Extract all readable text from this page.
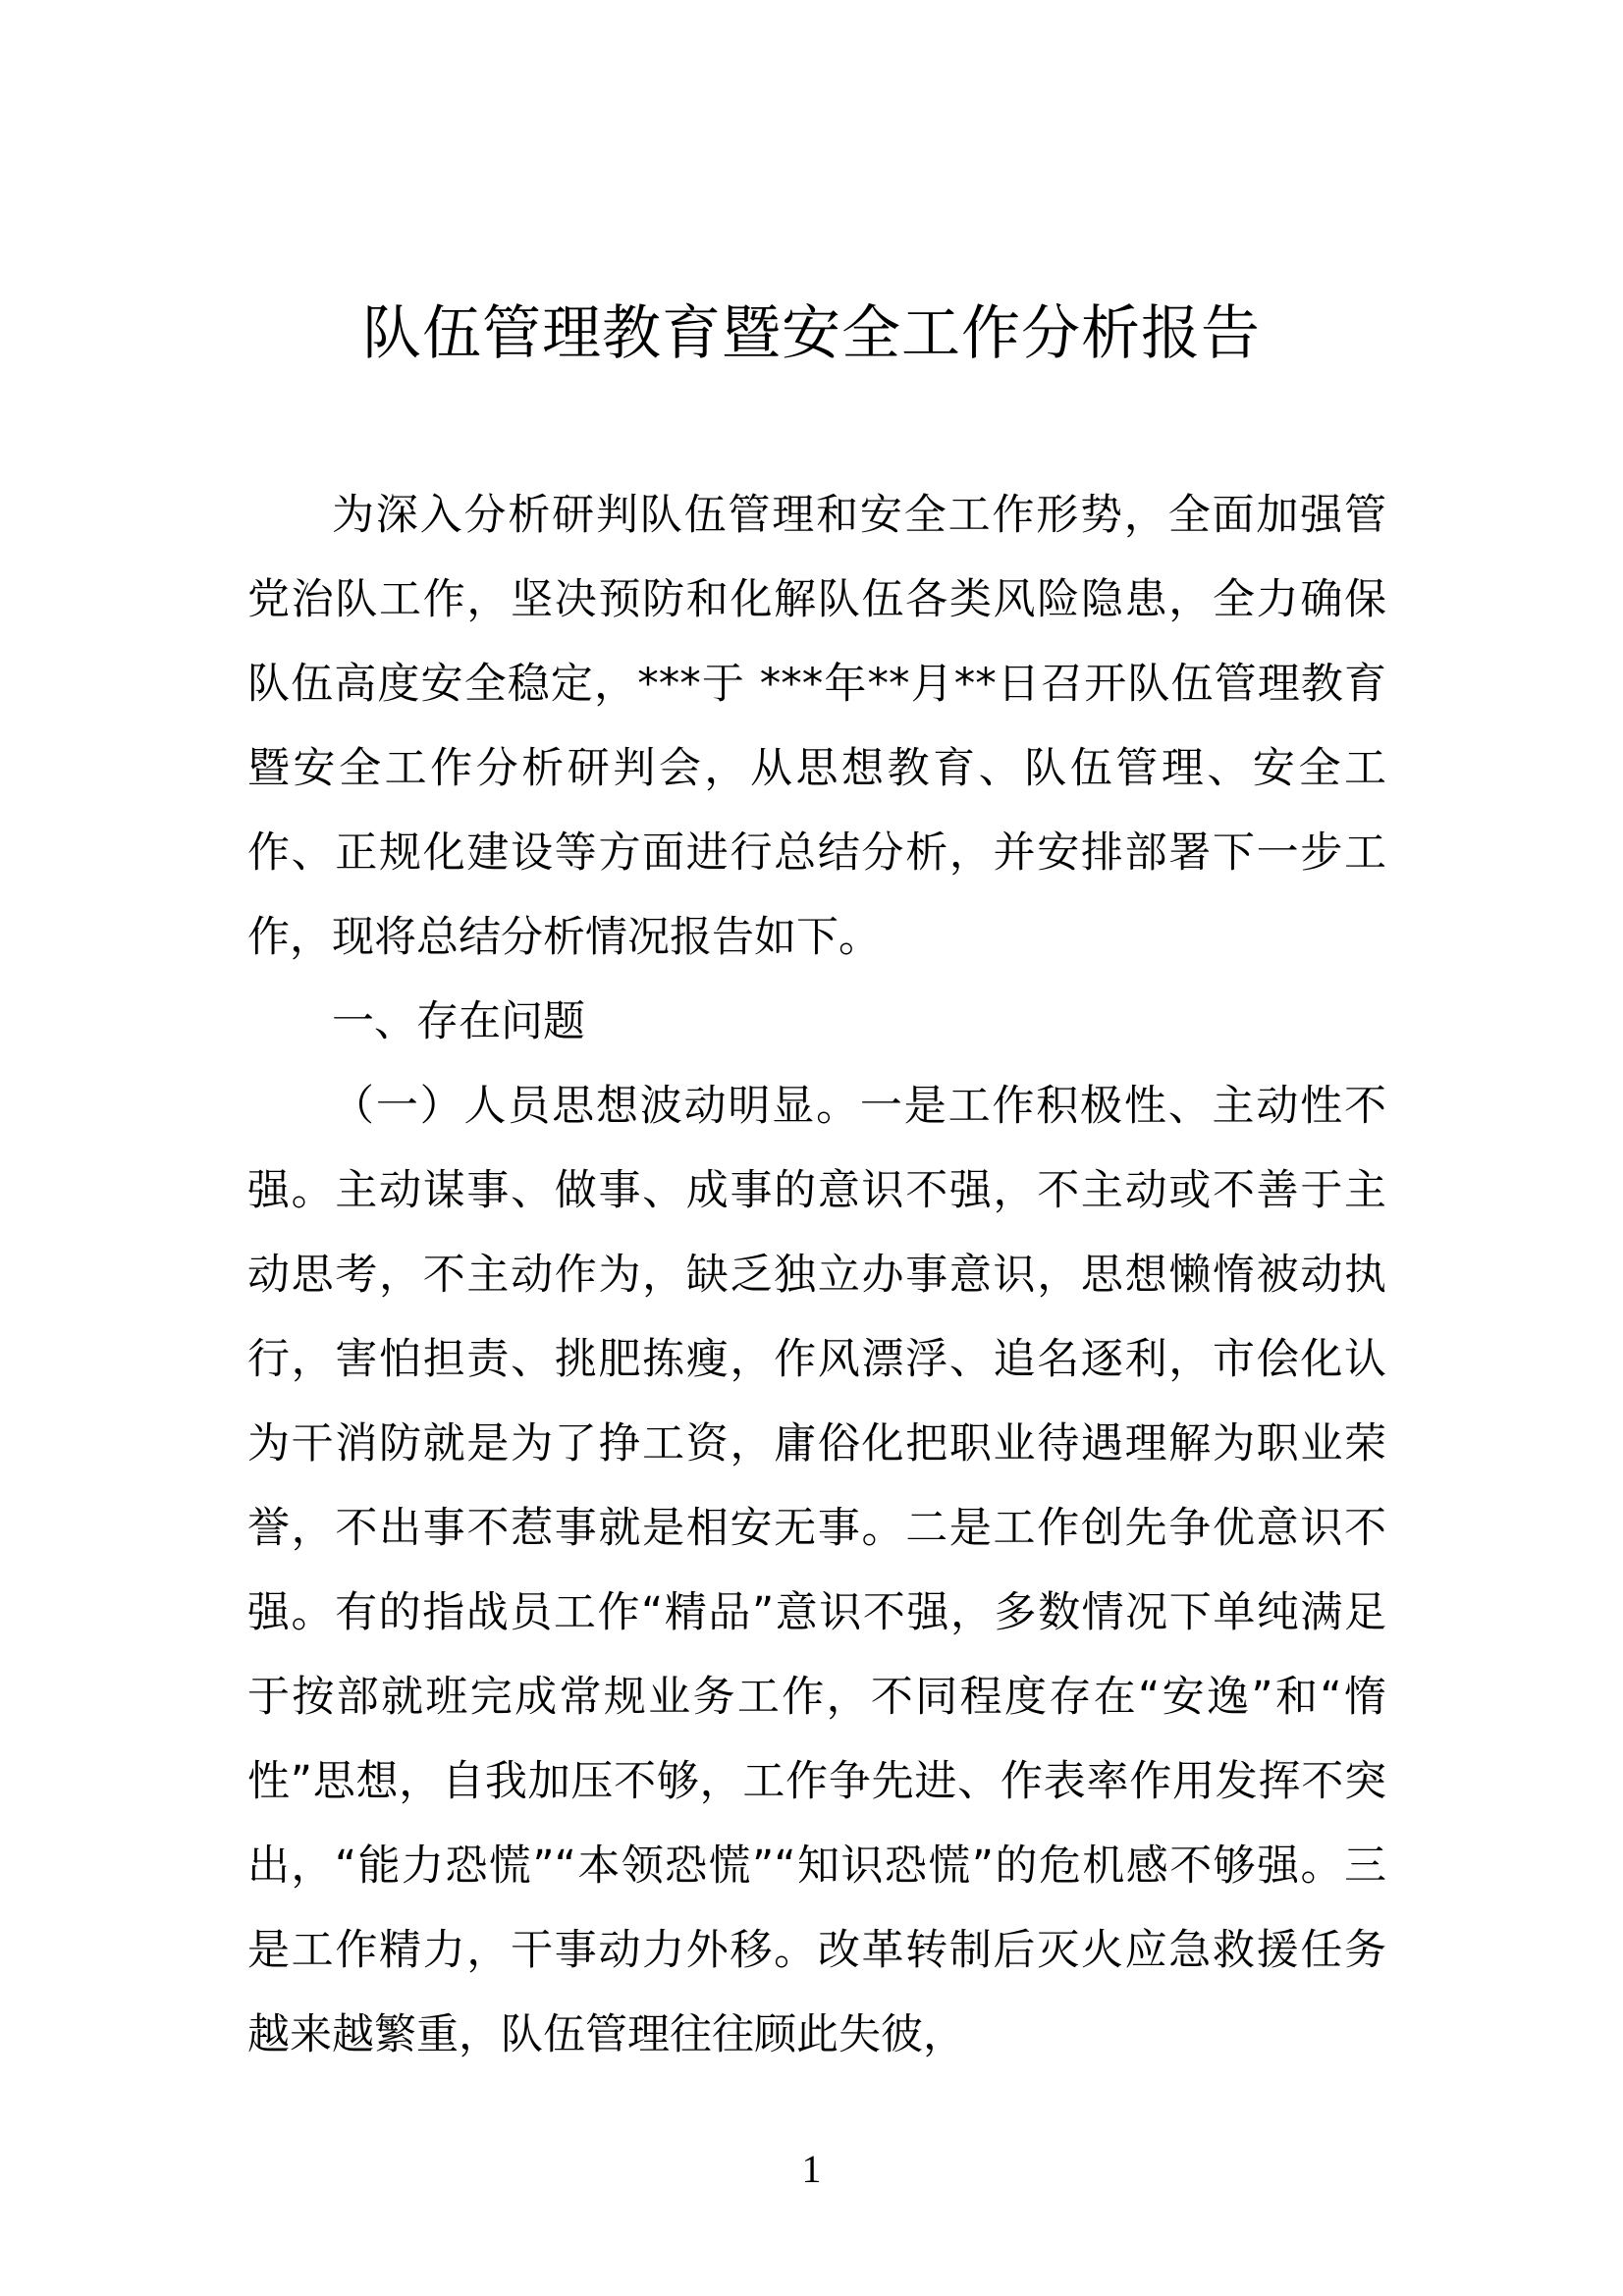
队伍管理教育暨安全工作分析报告

为深入分析研判队伍管理和安全工作形势，全面加强管党治队工作，坚决预防和化解队伍各类风险隐患，全力确保队伍高度安全稳定，***于 ***年**月**日召开队伍管理教育暨安全工作分析研判会，从思想教育、队伍管理、安全工作、正规化建设等方面进行总结分析，并安排部署下一步工作，现将总结分析情况报告如下。

一、存在问题

（一）人员思想波动明显。一是工作积极性、主动性不强。主动谋事、做事、成事的意识不强，不主动或不善于主动思考，不主动作为，缺乏独立办事意识，思想懒惰被动执行，害怕担责、挑肥拣瘦，作风漂浮、追名逐利，市侩化认为干消防就是为了挣工资，庸俗化把职业待遇理解为职业荣誉，不出事不惹事就是相安无事。二是工作创先争优意识不强。有的指战员工作“精品”意识不强，多数情况下单纯满足于按部就班完成常规业务工作，不同程度存在“安逸”和“惰性”思想，自我加压不够，工作争先进、作表率作用发挥不突出，“能力恐慌”“本领恐慌”“知识恐慌”的危机感不够强。三是工作精力，干事动力外移。改革转制后灭火应急救援任务越来越繁重，队伍管理往往顾此失彼，

1
